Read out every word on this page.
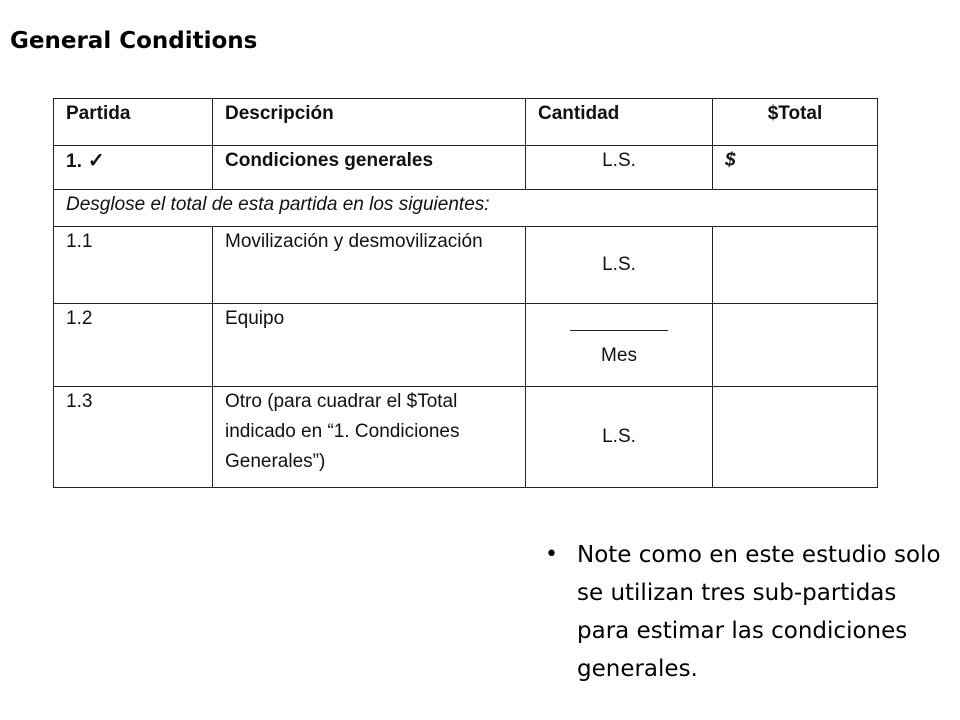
General Conditions
Partida	Descripción	Cantidad	$Total
1. ✓	Condiciones generales	L.S.	$
Desglose el total de esta partida en los siguientes:			
1.1	Movilización y desmovilización	L.S.	
1.2	Equipo	Mes	
1.3	Otro (para cuadrar el $Total indicado en “1. Condiciones Generales”)	L.S.	
• Note como en este estudio solo se utilizan tres sub-partidas para estimar las condiciones generales.
